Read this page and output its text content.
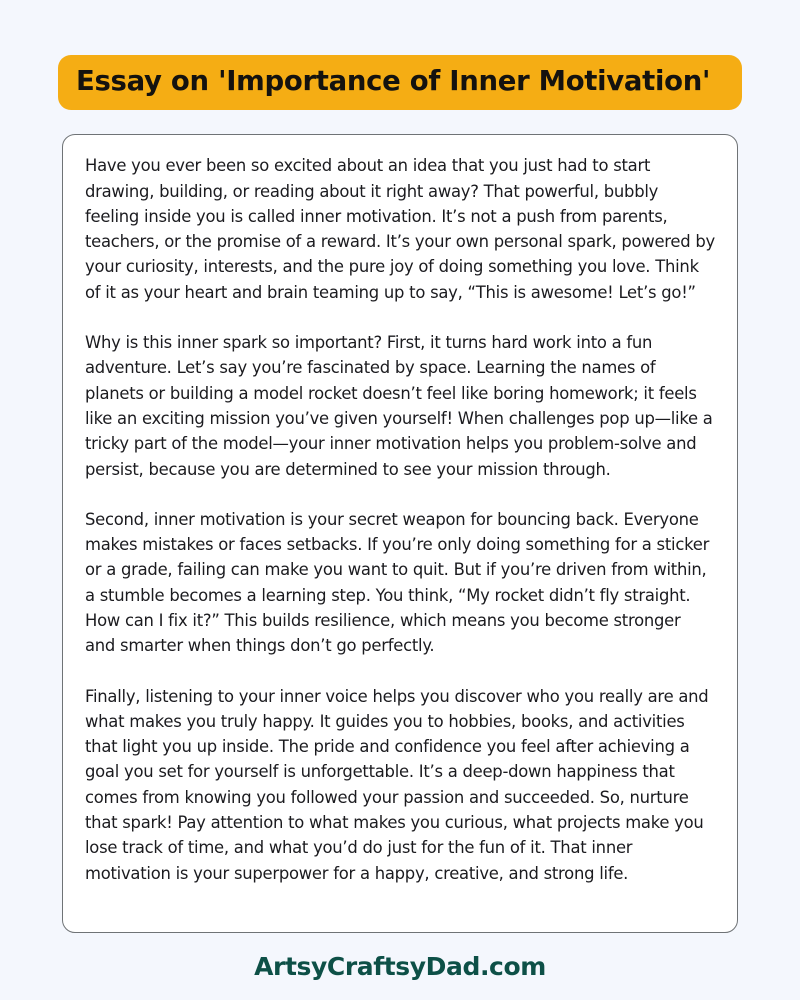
Essay on 'Importance of Inner Motivation'

Have you ever been so excited about an idea that you just had to start drawing, building, or reading about it right away? That powerful, bubbly feeling inside you is called inner motivation. It’s not a push from parents, teachers, or the promise of a reward. It’s your own personal spark, powered by your curiosity, interests, and the pure joy of doing something you love. Think of it as your heart and brain teaming up to say, “This is awesome! Let’s go!”

Why is this inner spark so important? First, it turns hard work into a fun adventure. Let’s say you’re fascinated by space. Learning the names of planets or building a model rocket doesn’t feel like boring homework; it feels like an exciting mission you’ve given yourself! When challenges pop up—like a tricky part of the model—your inner motivation helps you problem-solve and persist, because you are determined to see your mission through.

Second, inner motivation is your secret weapon for bouncing back. Everyone makes mistakes or faces setbacks. If you’re only doing something for a sticker or a grade, failing can make you want to quit. But if you’re driven from within, a stumble becomes a learning step. You think, “My rocket didn’t fly straight. How can I fix it?” This builds resilience, which means you become stronger and smarter when things don’t go perfectly.

Finally, listening to your inner voice helps you discover who you really are and what makes you truly happy. It guides you to hobbies, books, and activities that light you up inside. The pride and confidence you feel after achieving a goal you set for yourself is unforgettable. It’s a deep-down happiness that comes from knowing you followed your passion and succeeded. So, nurture that spark! Pay attention to what makes you curious, what projects make you lose track of time, and what you’d do just for the fun of it. That inner motivation is your superpower for a happy, creative, and strong life.

ArtsyCraftsyDad.com
